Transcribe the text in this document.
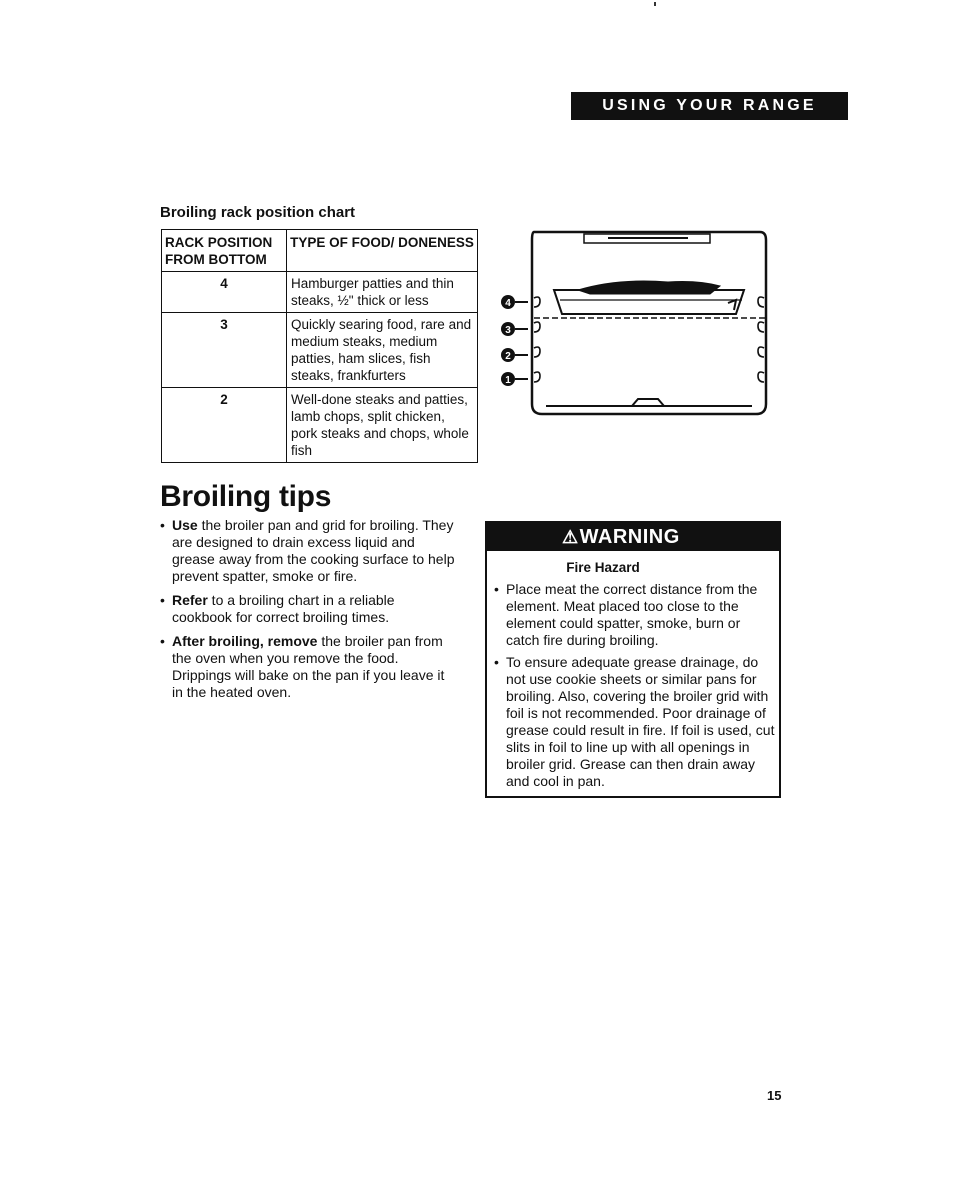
USING YOUR RANGE
Broiling rack position chart
RACK POSITION FROM BOTTOM	TYPE OF FOOD/ DONENESS
4	Hamburger patties and thin steaks, ½" thick or less
3	Quickly searing food, rare and medium steaks, medium patties, ham slices, fish steaks, frankfurters
2	Well-done steaks and patties, lamb chops, split chicken, pork steaks and chops, whole fish
4
3
2
1
Broiling tips
• Use the broiler pan and grid for broiling. They are designed to drain excess liquid and grease away from the cooking surface to help prevent spatter, smoke or fire.
• Refer to a broiling chart in a reliable cookbook for correct broiling times.
• After broiling, remove the broiler pan from the oven when you remove the food. Drippings will bake on the pan if you leave it in the heated oven.
⚠WARNING
Fire Hazard
• Place meat the correct distance from the element. Meat placed too close to the element could spatter, smoke, burn or catch fire during broiling.
• To ensure adequate grease drainage, do not use cookie sheets or similar pans for broiling. Also, covering the broiler grid with foil is not recommended. Poor drainage of grease could result in fire. If foil is used, cut slits in foil to line up with all openings in broiler grid. Grease can then drain away and cool in pan.
15
